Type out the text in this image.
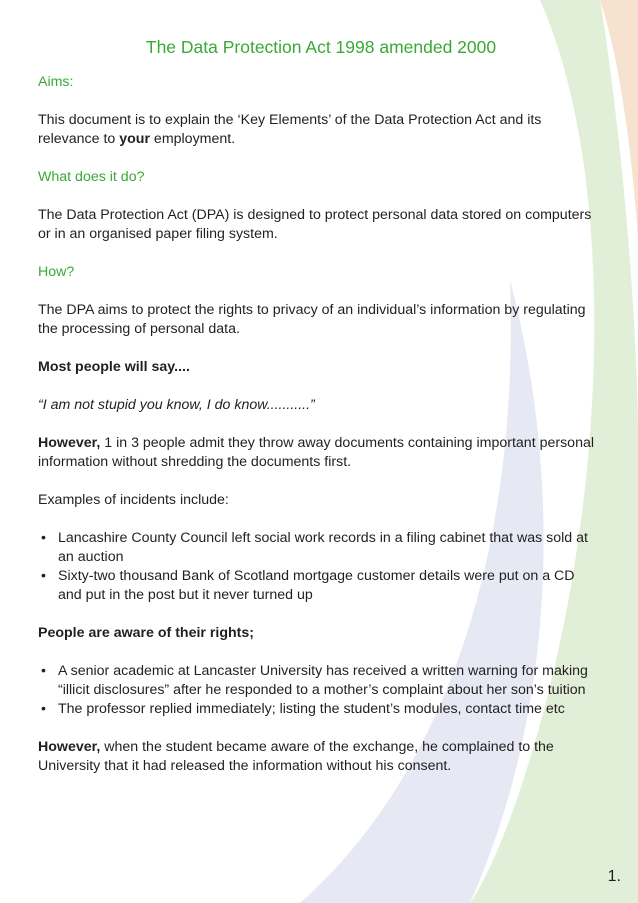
The Data Protection Act 1998 amended 2000
Aims:

This document is to explain the ‘Key Elements’ of the Data Protection Act and its relevance to your employment.

What does it do?

The Data Protection Act (DPA) is designed to protect personal data stored on computers or in an organised paper filing system.

How?

The DPA aims to protect the rights to privacy of an individual’s information by regulating the processing of personal data.

Most people will say....

“I am not stupid you know, I do know...........”

However, 1 in 3 people admit they throw away documents containing important personal information without shredding the documents first.

Examples of incidents include:

• Lancashire County Council left social work records in a filing cabinet that was sold at an auction
• Sixty-two thousand Bank of Scotland mortgage customer details were put on a CD and put in the post but it never turned up

People are aware of their rights;

• A senior academic at Lancaster University has received a written warning for making “illicit disclosures” after he responded to a mother’s complaint about her son’s tuition
• The professor replied immediately; listing the student’s modules, contact time etc

However, when the student became aware of the exchange, he complained to the University that it had released the information without his consent.

1.
